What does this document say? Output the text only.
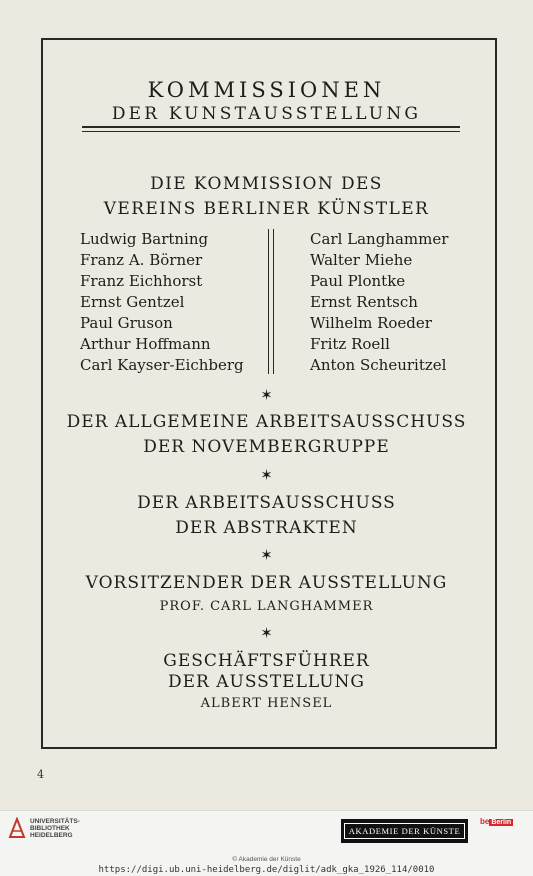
KOMMISSIONEN
DER KUNSTAUSSTELLUNG
DIE KOMMISSION DES
VEREINS BERLINER KÜNSTLER
Ludwig Bartning
Franz A. Börner
Franz Eichhorst
Ernst Gentzel
Paul Gruson
Arthur Hoffmann
Carl Kayser-Eichberg
Carl Langhammer
Walter Miehe
Paul Plontke
Ernst Rentsch
Wilhelm Roeder
Fritz Roell
Anton Scheuritzel
✶
DER ALLGEMEINE ARBEITSAUSSCHUSS
DER NOVEMBERGRUPPE
✶
DER ARBEITSAUSSCHUSS
DER ABSTRAKTEN
✶
VORSITZENDER DER AUSSTELLUNG
PROF. CARL LANGHAMMER
✶
GESCHÄFTSFÜHRER
DER AUSSTELLUNG
ALBERT HENSEL
4
UNIVERSITÄTS-
BIBLIOTHEK
HEIDELBERG	AKADEMIE DER KÜNSTE
be Berlin

© Akademie der Künste
https://digi.ub.uni-heidelberg.de/diglit/adk_gka_1926_114/0010
